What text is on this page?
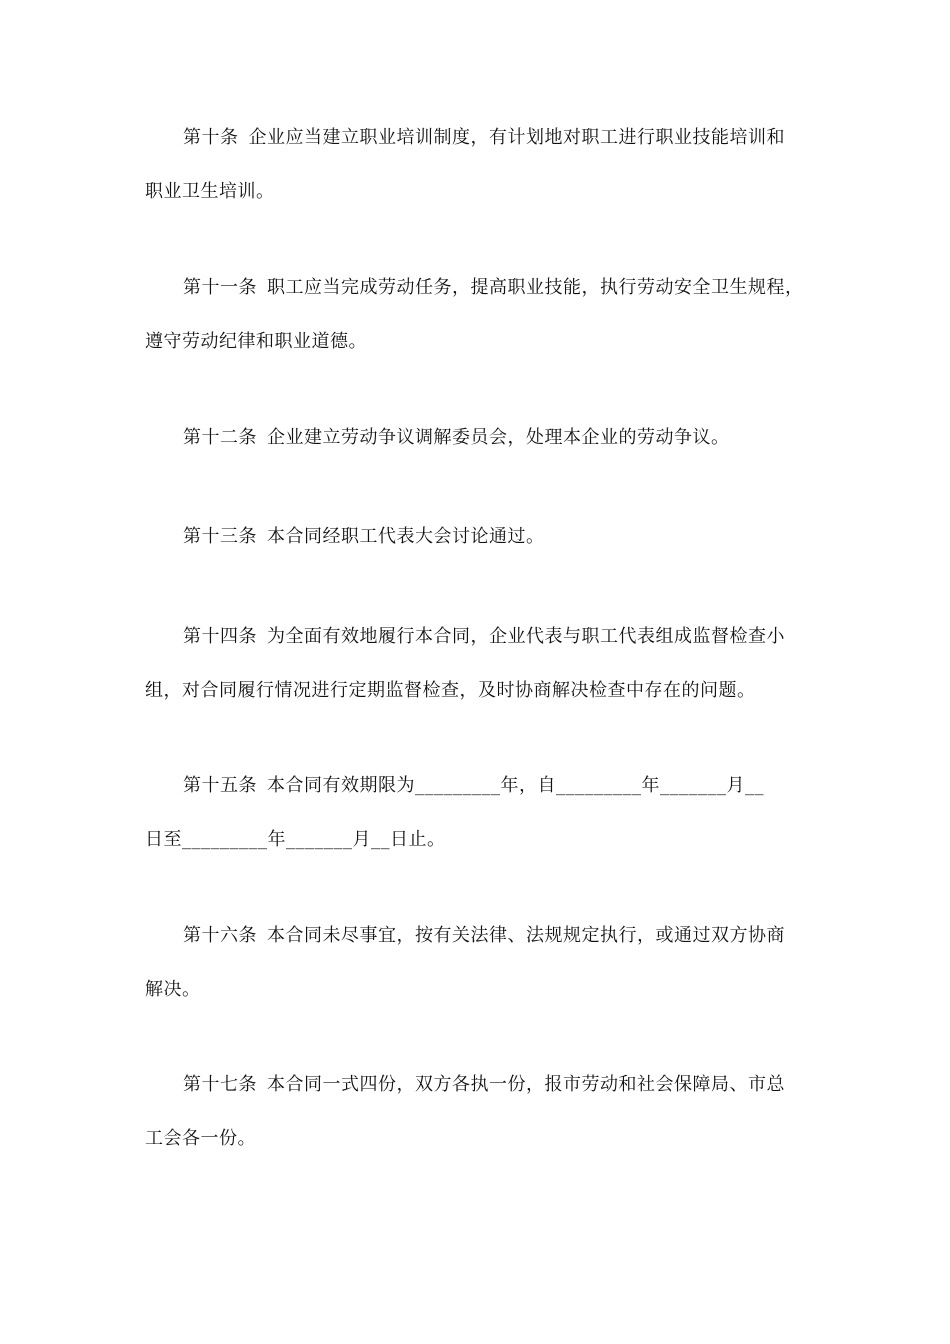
第十条 企业应当建立职业培训制度，有计划地对职工进行职业技能培训和
职业卫生培训。

第十一条 职工应当完成劳动任务，提高职业技能，执行劳动安全卫生规程，
遵守劳动纪律和职业道德。

第十二条 企业建立劳动争议调解委员会，处理本企业的劳动争议。

第十三条 本合同经职工代表大会讨论通过。

第十四条 为全面有效地履行本合同，企业代表与职工代表组成监督检查小
组，对合同履行情况进行定期监督检查，及时协商解决检查中存在的问题。

第十五条 本合同有效期限为_________年，自_________年_______月__
日至_________年_______月__日止。

第十六条 本合同未尽事宜，按有关法律、法规规定执行，或通过双方协商
解决。

第十七条 本合同一式四份，双方各执一份，报市劳动和社会保障局、市总
工会各一份。
